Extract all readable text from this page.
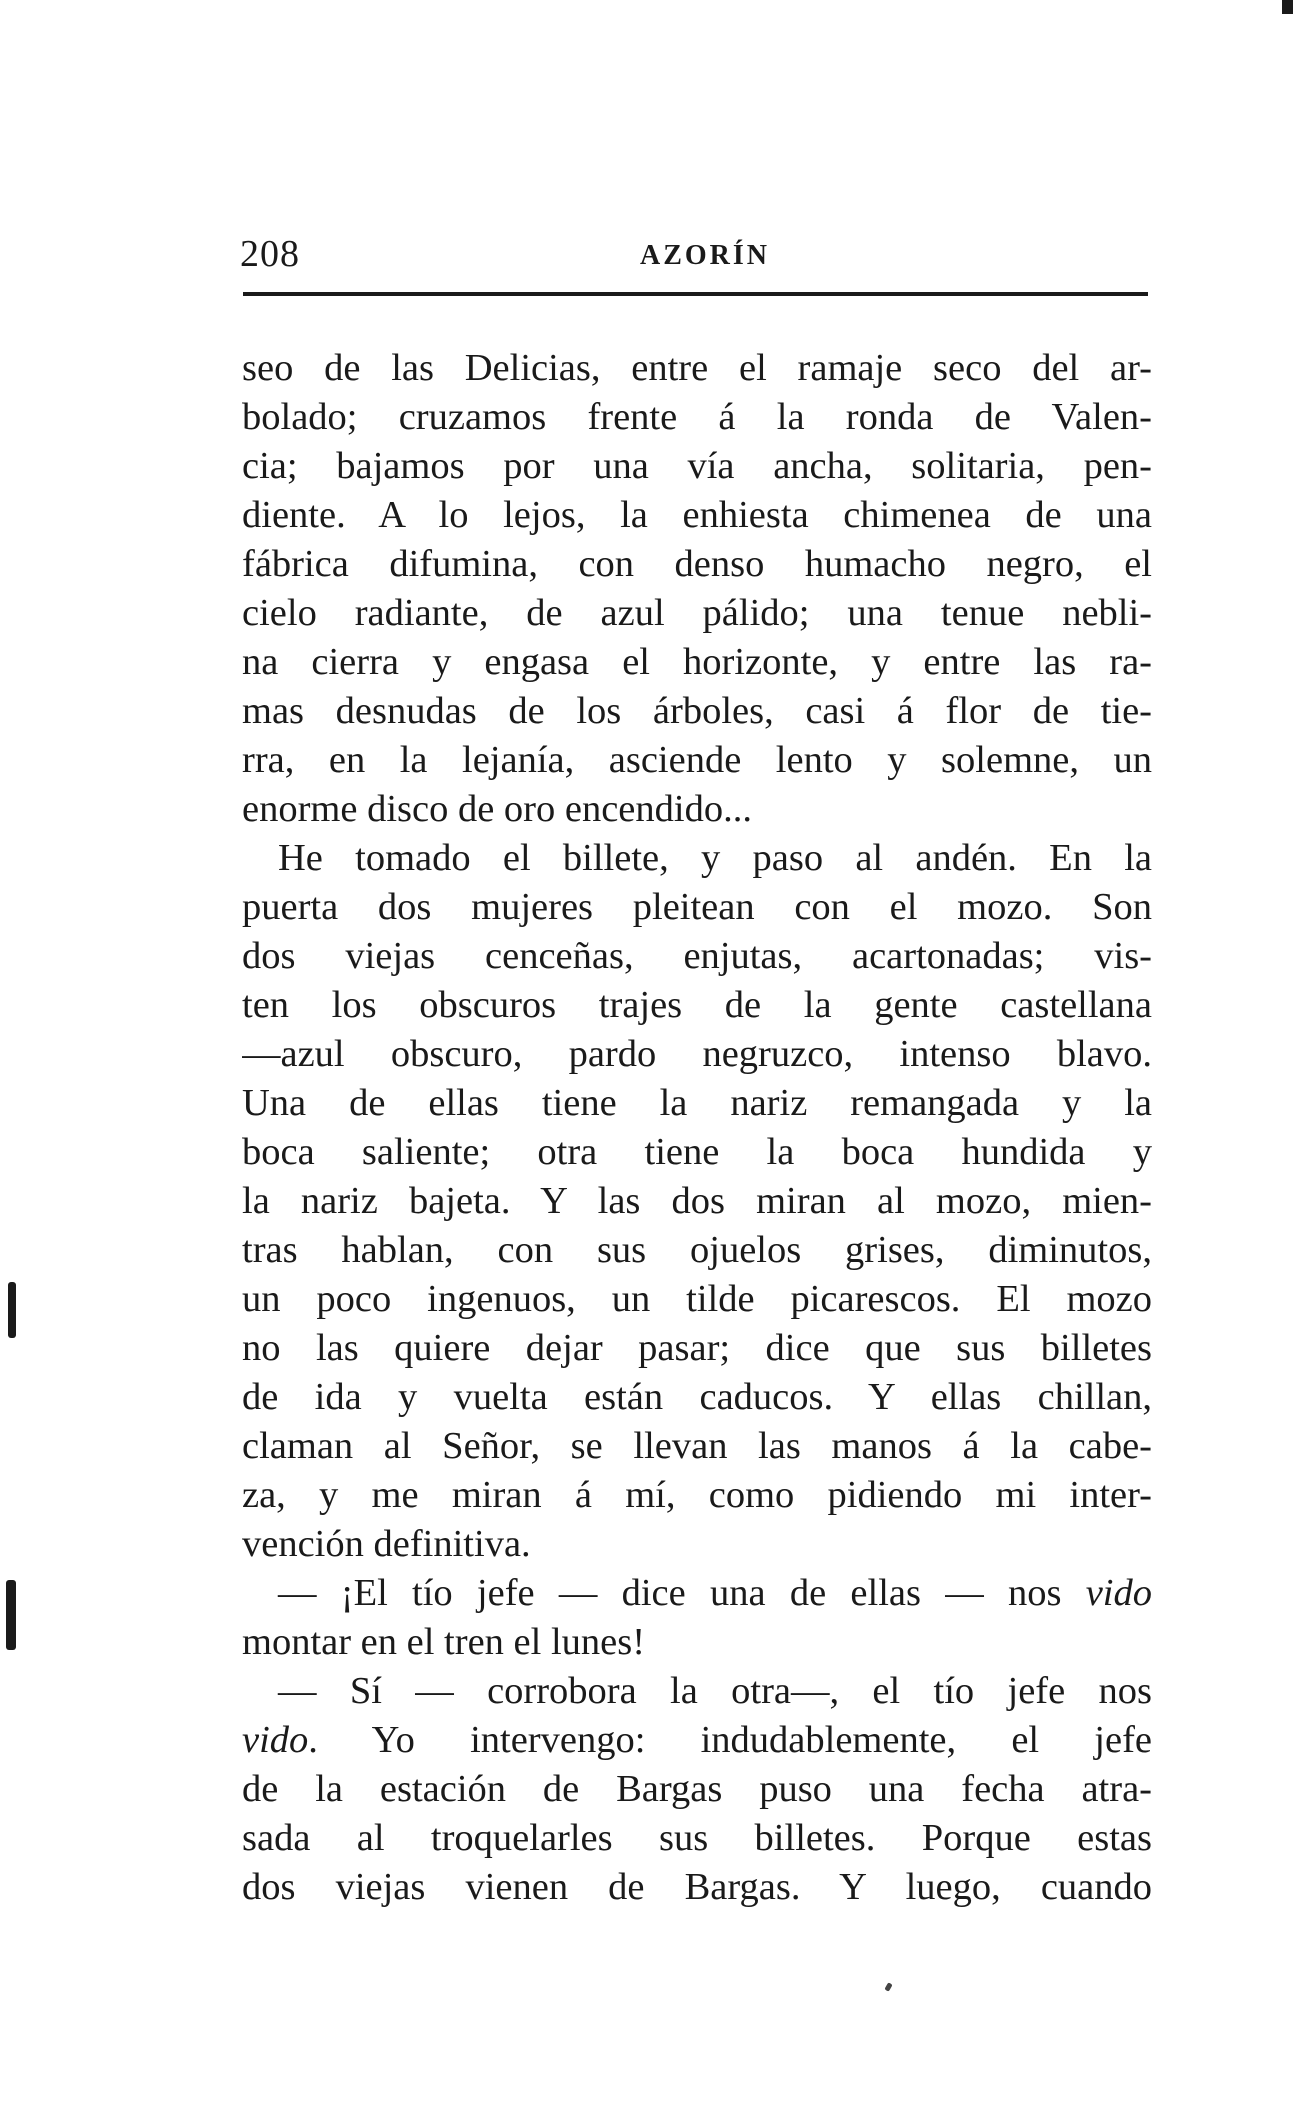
208	AZORÍN
seo de las Delicias, entre el ramaje seco del ar-
bolado; cruzamos frente á la ronda de Valen-
cia; bajamos por una vía ancha, solitaria, pen-
diente. A lo lejos, la enhiesta chimenea de una
fábrica difumina, con denso humacho negro, el
cielo radiante, de azul pálido; una tenue nebli-
na cierra y engasa el horizonte, y entre las ra-
mas desnudas de los árboles, casi á flor de tie-
rra, en la lejanía, asciende lento y solemne, un
enorme disco de oro encendido...
He tomado el billete, y paso al andén. En la
puerta dos mujeres pleitean con el mozo. Son
dos viejas cenceñas, enjutas, acartonadas; vis-
ten los obscuros trajes de la gente castellana
—azul obscuro, pardo negruzco, intenso blavo.
Una de ellas tiene la nariz remangada y la
boca saliente; otra tiene la boca hundida y
la nariz bajeta. Y las dos miran al mozo, mien-
tras hablan, con sus ojuelos grises, diminutos,
un poco ingenuos, un tilde picarescos. El mozo
no las quiere dejar pasar; dice que sus billetes
de ida y vuelta están caducos. Y ellas chillan,
claman al Señor, se llevan las manos á la cabe-
za, y me miran á mí, como pidiendo mi inter-
vención definitiva.
— ¡El tío jefe — dice una de ellas — nos vido
montar en el tren el lunes!
— Sí — corrobora la otra—, el tío jefe nos
vido. Yo intervengo: indudablemente, el jefe
de la estación de Bargas puso una fecha atra-
sada al troquelarles sus billetes. Porque estas
dos viejas vienen de Bargas. Y luego, cuando
